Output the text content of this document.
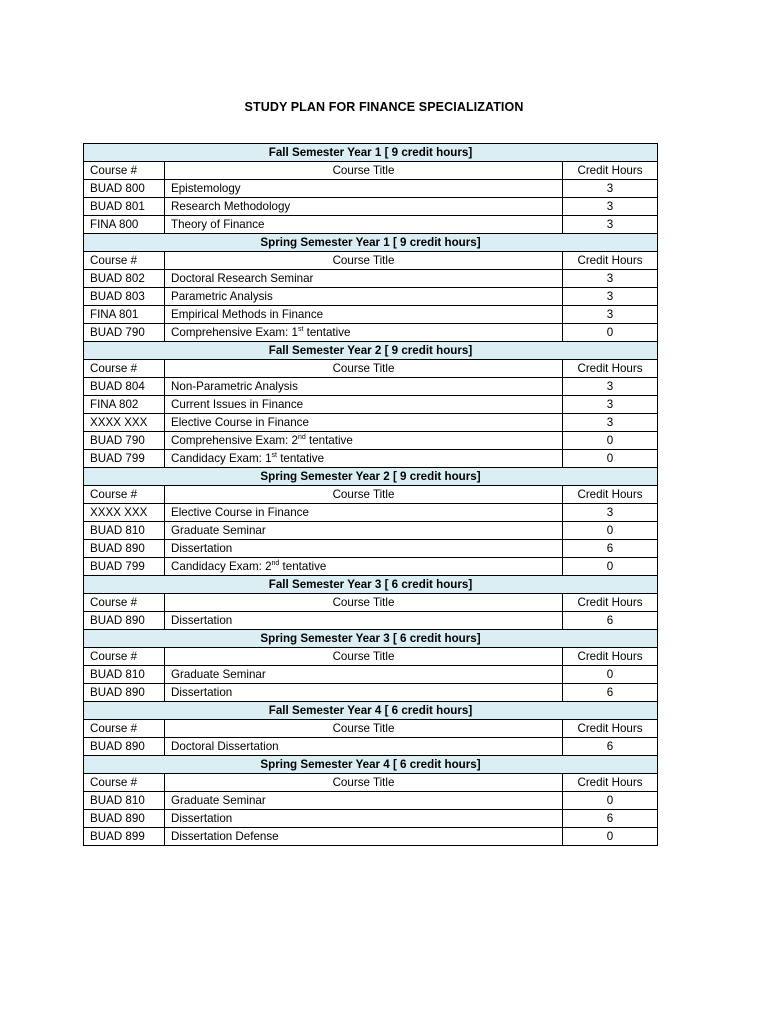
STUDY PLAN FOR FINANCE SPECIALIZATION
Fall Semester Year 1 [ 9 credit hours]		
Course #	Course Title	Credit Hours
BUAD 800	Epistemology	3
BUAD 801	Research Methodology	3
FINA 800	Theory of Finance	3
Spring Semester Year 1 [ 9 credit hours]		
Course #	Course Title	Credit Hours
BUAD 802	Doctoral Research Seminar	3
BUAD 803	Parametric Analysis	3
FINA 801	Empirical Methods in Finance	3
BUAD 790	Comprehensive Exam: 1st tentative	0
Fall Semester Year 2 [ 9 credit hours]		
Course #	Course Title	Credit Hours
BUAD 804	Non-Parametric Analysis	3
FINA 802	Current Issues in Finance	3
XXXX XXX	Elective Course in Finance	3
BUAD 790	Comprehensive Exam: 2nd tentative	0
BUAD 799	Candidacy Exam: 1st tentative	0
Spring Semester Year 2 [ 9 credit hours]		
Course #	Course Title	Credit Hours
XXXX XXX	Elective Course in Finance	3
BUAD 810	Graduate Seminar	0
BUAD 890	Dissertation	6
BUAD 799	Candidacy Exam: 2nd tentative	0
Fall Semester Year 3 [ 6 credit hours]		
Course #	Course Title	Credit Hours
BUAD 890	Dissertation	6
Spring Semester Year 3 [ 6 credit hours]		
Course #	Course Title	Credit Hours
BUAD 810	Graduate Seminar	0
BUAD 890	Dissertation	6
Fall Semester Year 4 [ 6 credit hours]		
Course #	Course Title	Credit Hours
BUAD 890	Doctoral Dissertation	6
Spring Semester Year 4 [ 6 credit hours]		
Course #	Course Title	Credit Hours
BUAD 810	Graduate Seminar	0
BUAD 890	Dissertation	6
BUAD 899	Dissertation Defense	0
